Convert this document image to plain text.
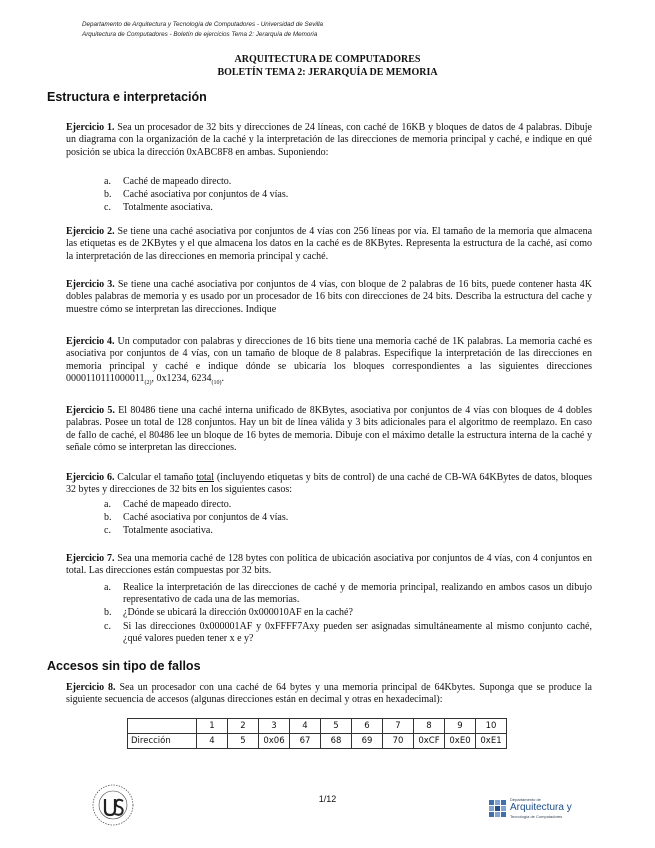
Departamento de Arquitectura y Tecnología de Computadores - Universidad de Sevilla
Arquitectura de Computadores - Boletín de ejercicios Tema 2: Jerarquía de Memoria
ARQUITECTURA DE COMPUTADORES
BOLETÍN TEMA 2: JERARQUÍA DE MEMORIA
Estructura e interpretación
Ejercicio 1. Sea un procesador de 32 bits y direcciones de 24 líneas, con caché de 16KB y bloques de datos de 4 palabras. Dibuje un diagrama con la organización de la caché y la interpretación de las direcciones de memoria principal y caché, e indique en qué posición se ubica la dirección 0xABC8F8 en ambas. Suponiendo:
a. Caché de mapeado directo.
b. Caché asociativa por conjuntos de 4 vías.
c. Totalmente asociativa.
Ejercicio 2. Se tiene una caché asociativa por conjuntos de 4 vías con 256 líneas por vía. El tamaño de la memoria que almacena las etiquetas es de 2KBytes y el que almacena los datos en la caché es de 8KBytes. Representa la estructura de la caché, así como la interpretación de las direcciones en memoria principal y caché.
Ejercicio 3. Se tiene una caché asociativa por conjuntos de 4 vías, con bloque de 2 palabras de 16 bits, puede contener hasta 4K dobles palabras de memoria y es usado por un procesador de 16 bits con direcciones de 24 bits. Describa la estructura del cache y muestre cómo se interpretan las direcciones. Indique
Ejercicio 4. Un computador con palabras y direcciones de 16 bits tiene una memoria caché de 1K palabras. La memoria caché es asociativa por conjuntos de 4 vías, con un tamaño de bloque de 8 palabras. Especifique la interpretación de las direcciones en memoria principal y caché e indique dónde se ubicaría los bloques correspondientes a las siguientes direcciones $0000110111000011_{(2)}$, 0x1234, $6234_{(10)}$.
Ejercicio 5. El 80486 tiene una caché interna unificado de 8KBytes, asociativa por conjuntos de 4 vías con bloques de 4 dobles palabras. Posee un total de 128 conjuntos. Hay un bit de línea válida y 3 bits adicionales para el algoritmo de reemplazo. En caso de fallo de caché, el 80486 lee un bloque de 16 bytes de memoria. Dibuje con el máximo detalle la estructura interna de la caché y señale cómo se interpretan las direcciones.
Ejercicio 6. Calcular el tamaño total (incluyendo etiquetas y bits de control) de una caché de CB-WA 64KBytes de datos, bloques 32 bytes y direcciones de 32 bits en los siguientes casos:
a. Caché de mapeado directo.
b. Caché asociativa por conjuntos de 4 vías.
c. Totalmente asociativa.
Ejercicio 7. Sea una memoria caché de 128 bytes con política de ubicación asociativa por conjuntos de 4 vías, con 4 conjuntos en total. Las direcciones están compuestas por 32 bits.
a. Realice la interpretación de las direcciones de caché y de memoria principal, realizando en ambos casos un dibujo representativo de cada una de las memorias.
b. ¿Dónde se ubicará la dirección 0x000010AF en la caché?
c. Si las direcciones 0x000001AF y 0xFFFF7Axy pueden ser asignadas simultáneamente al mismo conjunto caché, ¿qué valores pueden tener x e y?
Accesos sin tipo de fallos
Ejercicio 8. Sea un procesador con una caché de 64 bytes y una memoria principal de 64Kbytes. Suponga que se produce la siguiente secuencia de accesos (algunas direcciones están en decimal y otras en hexadecimal):
	1	2	3	4	5	6	7	8	9	10
Dirección	4	5	0x06	67	68	69	70	0xCF	0xE0	0xE1
1/12	Departamento de
Arquitectura y
Tecnología de Computadores
